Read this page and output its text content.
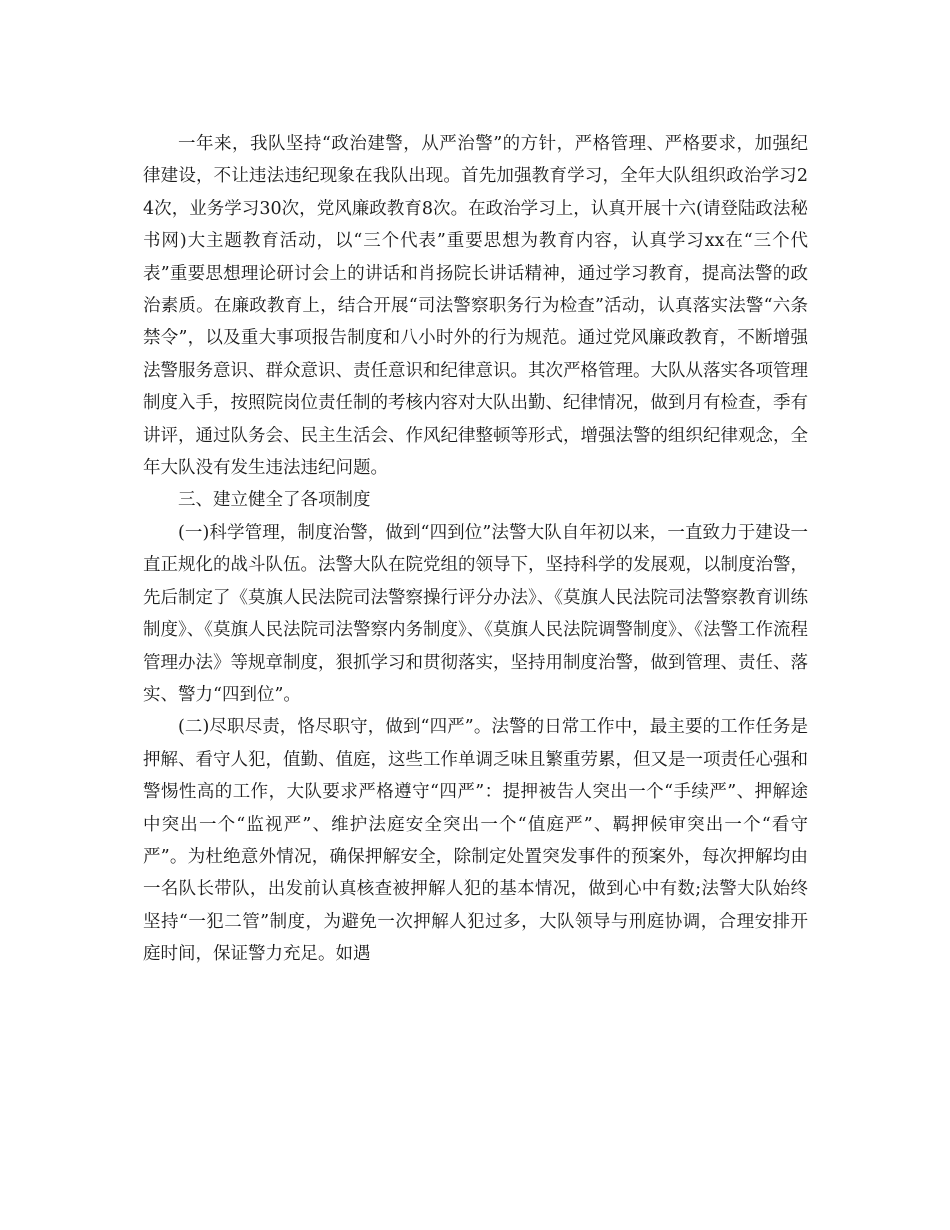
一年来，我队坚持“政治建警，从严治警”的方针，严格管理、严格要求，加强纪律建设，不让违法违纪现象在我队出现。首先加强教育学习，全年大队组织政治学习24次，业务学习30次，党风廉政教育8次。在政治学习上，认真开展十六(请登陆政法秘书网)大主题教育活动，以“三个代表”重要思想为教育内容，认真学习xx在“三个代表”重要思想理论研讨会上的讲话和肖扬院长讲话精神，通过学习教育，提高法警的政治素质。在廉政教育上，结合开展“司法警察职务行为检查”活动，认真落实法警“六条禁令”，以及重大事项报告制度和八小时外的行为规范。通过党风廉政教育，不断增强法警服务意识、群众意识、责任意识和纪律意识。其次严格管理。大队从落实各项管理制度入手，按照院岗位责任制的考核内容对大队出勤、纪律情况，做到月有检查，季有讲评，通过队务会、民主生活会、作风纪律整顿等形式，增强法警的组织纪律观念，全年大队没有发生违法违纪问题。

三、建立健全了各项制度

(一)科学管理，制度治警，做到“四到位”法警大队自年初以来，一直致力于建设一直正规化的战斗队伍。法警大队在院党组的领导下，坚持科学的发展观，以制度治警，先后制定了《莫旗人民法院司法警察操行评分办法》、《莫旗人民法院司法警察教育训练制度》、《莫旗人民法院司法警察内务制度》、《莫旗人民法院调警制度》、《法警工作流程管理办法》等规章制度，狠抓学习和贯彻落实，坚持用制度治警，做到管理、责任、落实、警力“四到位”。

(二)尽职尽责，恪尽职守，做到“四严”。法警的日常工作中，最主要的工作任务是押解、看守人犯，值勤、值庭，这些工作单调乏味且繁重劳累，但又是一项责任心强和警惕性高的工作，大队要求严格遵守“四严”：提押被告人突出一个“手续严”、押解途中突出一个“监视严”、维护法庭安全突出一个“值庭严”、羁押候审突出一个“看守严”。为杜绝意外情况，确保押解安全，除制定处置突发事件的预案外，每次押解均由一名队长带队，出发前认真核查被押解人犯的基本情况，做到心中有数;法警大队始终坚持“一犯二管”制度，为避免一次押解人犯过多，大队领导与刑庭协调，合理安排开庭时间，保证警力充足。如遇
